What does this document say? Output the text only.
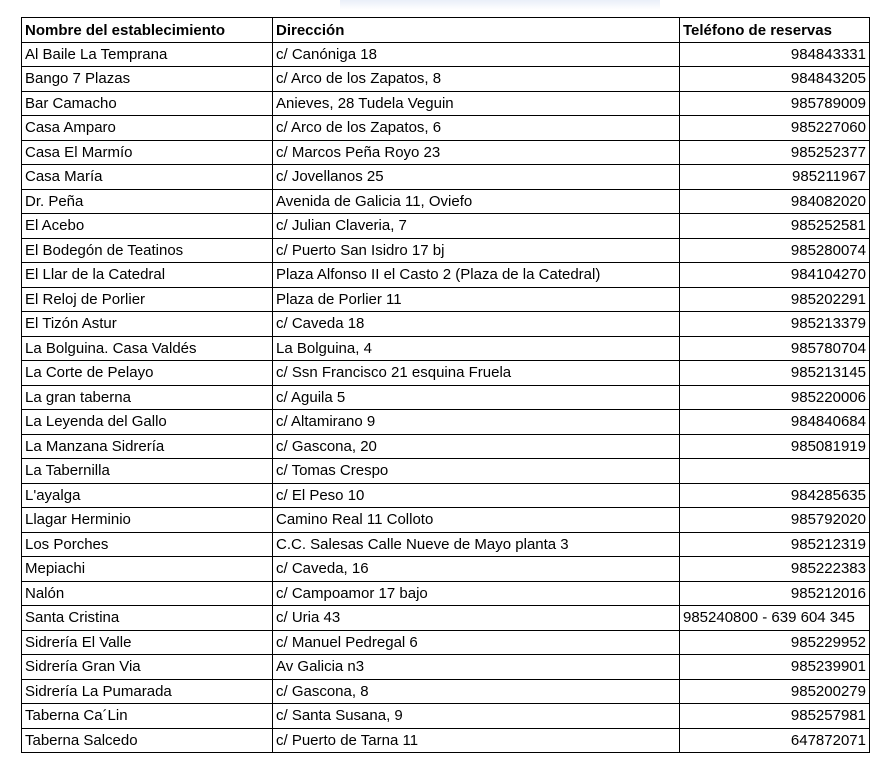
Nombre del establecimiento	Dirección	Teléfono de reservas
Al Baile La Temprana	c/ Canóniga 18	984843331
Bango 7 Plazas	c/ Arco de los Zapatos, 8	984843205
Bar Camacho	Anieves, 28 Tudela Veguin	985789009
Casa Amparo	c/ Arco de los Zapatos, 6	985227060
Casa El Marmío	c/ Marcos Peña Royo 23	985252377
Casa María	c/ Jovellanos 25	985211967
Dr. Peña	Avenida de Galicia 11, Oviefo	984082020
El Acebo	c/ Julian Claveria, 7	985252581
El Bodegón de Teatinos	c/ Puerto San Isidro 17 bj	985280074
El Llar de la Catedral	Plaza Alfonso II el Casto 2 (Plaza de la Catedral)	984104270
El Reloj de Porlier	Plaza de Porlier 11	985202291
El Tizón Astur	c/ Caveda 18	985213379
La Bolguina. Casa Valdés	La Bolguina, 4	985780704
La Corte de Pelayo	c/ Ssn Francisco 21 esquina Fruela	985213145
La gran taberna	c/ Aguila 5	985220006
La Leyenda del Gallo	c/ Altamirano 9	984840684
La Manzana Sidrería	c/ Gascona, 20	985081919
La Tabernilla	c/ Tomas Crespo	
L'ayalga	c/ El Peso 10	984285635
Llagar Herminio	Camino Real 11 Colloto	985792020
Los Porches	C.C. Salesas Calle Nueve de Mayo planta 3	985212319
Mepiachi	c/ Caveda, 16	985222383
Nalón	c/ Campoamor 17 bajo	985212016
Santa Cristina	c/ Uria 43	985240800 - 639 604 345
Sidrería El Valle	c/ Manuel Pedregal 6	985229952
Sidrería Gran Via	Av Galicia n3	985239901
Sidrería La Pumarada	c/ Gascona, 8	985200279
Taberna Ca´Lin	c/ Santa Susana, 9	985257981
Taberna Salcedo	c/ Puerto de Tarna 11	647872071
